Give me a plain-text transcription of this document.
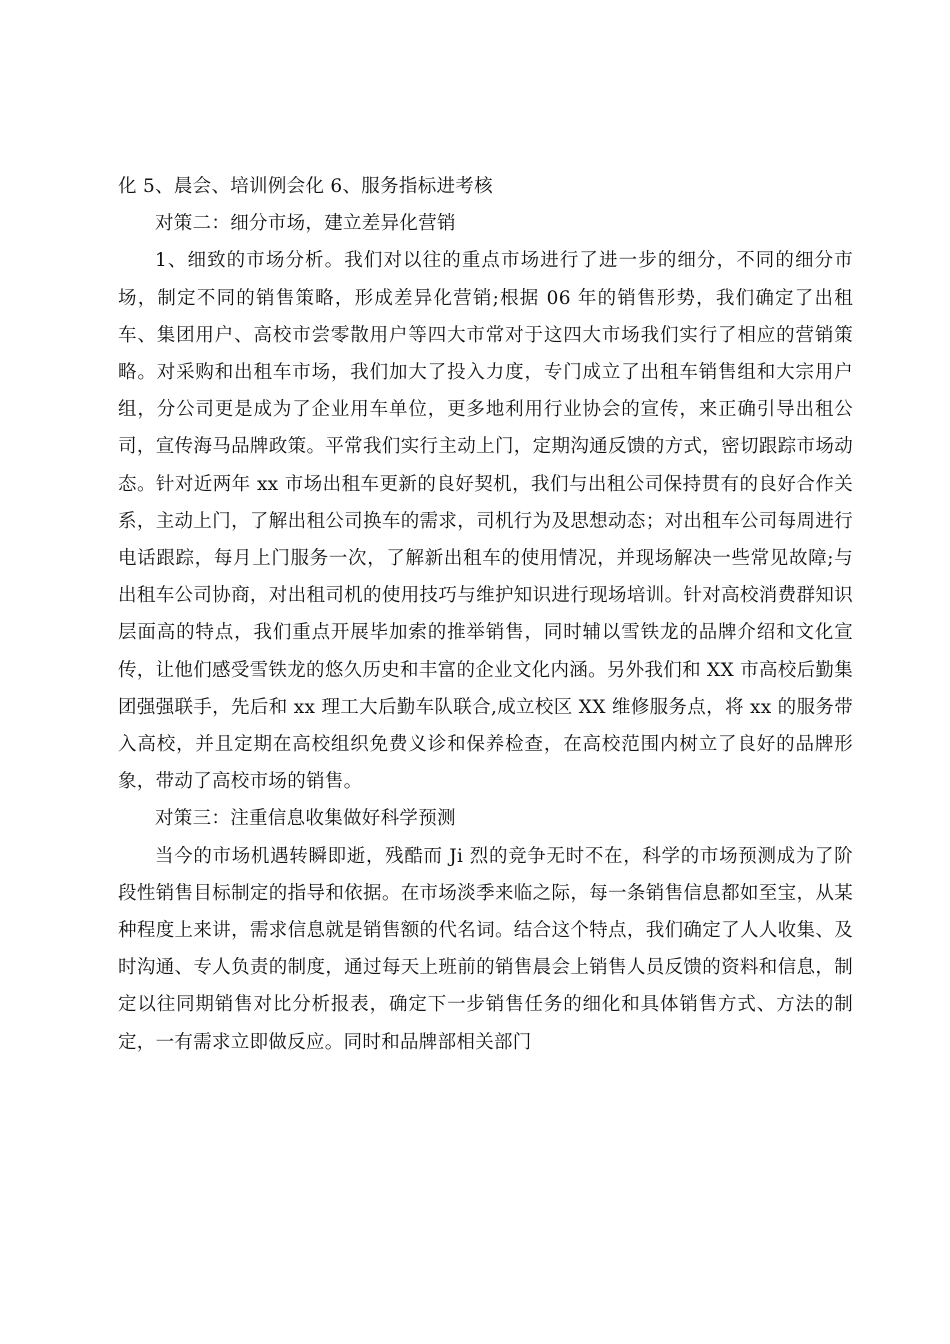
化 5、晨会、培训例会化 6、服务指标进考核

对策二：细分市场，建立差异化营销

1、细致的市场分析。我们对以往的重点市场进行了进一步的细分，不同的细分市场，制定不同的销售策略，形成差异化营销;根据 06 年的销售形势，我们确定了出租车、集团用户、高校市尝零散用户等四大市常对于这四大市场我们实行了相应的营销策略。对采购和出租车市场，我们加大了投入力度，专门成立了出租车销售组和大宗用户组，分公司更是成为了企业用车单位，更多地利用行业协会的宣传，来正确引导出租公司，宣传海马品牌政策。平常我们实行主动上门，定期沟通反馈的方式，密切跟踪市场动态。针对近两年 xx 市场出租车更新的良好契机，我们与出租公司保持贯有的良好合作关系，主动上门，了解出租公司换车的需求，司机行为及思想动态；对出租车公司每周进行电话跟踪，每月上门服务一次，了解新出租车的使用情况，并现场解决一些常见故障;与出租车公司协商，对出租司机的使用技巧与维护知识进行现场培训。针对高校消费群知识层面高的特点，我们重点开展毕加索的推举销售，同时辅以雪铁龙的品牌介绍和文化宣传，让他们感受雪铁龙的悠久历史和丰富的企业文化内涵。另外我们和 XX 市高校后勤集团强强联手，先后和 xx 理工大后勤车队联合,成立校区 XX 维修服务点，将 xx 的服务带入高校，并且定期在高校组织免费义诊和保养检查，在高校范围内树立了良好的品牌形象，带动了高校市场的销售。

对策三：注重信息收集做好科学预测

当今的市场机遇转瞬即逝，残酷而 Ji 烈的竞争无时不在，科学的市场预测成为了阶段性销售目标制定的指导和依据。在市场淡季来临之际，每一条销售信息都如至宝，从某种程度上来讲，需求信息就是销售额的代名词。结合这个特点，我们确定了人人收集、及时沟通、专人负责的制度，通过每天上班前的销售晨会上销售人员反馈的资料和信息，制定以往同期销售对比分析报表，确定下一步销售任务的细化和具体销售方式、方法的制定，一有需求立即做反应。同时和品牌部相关部门
